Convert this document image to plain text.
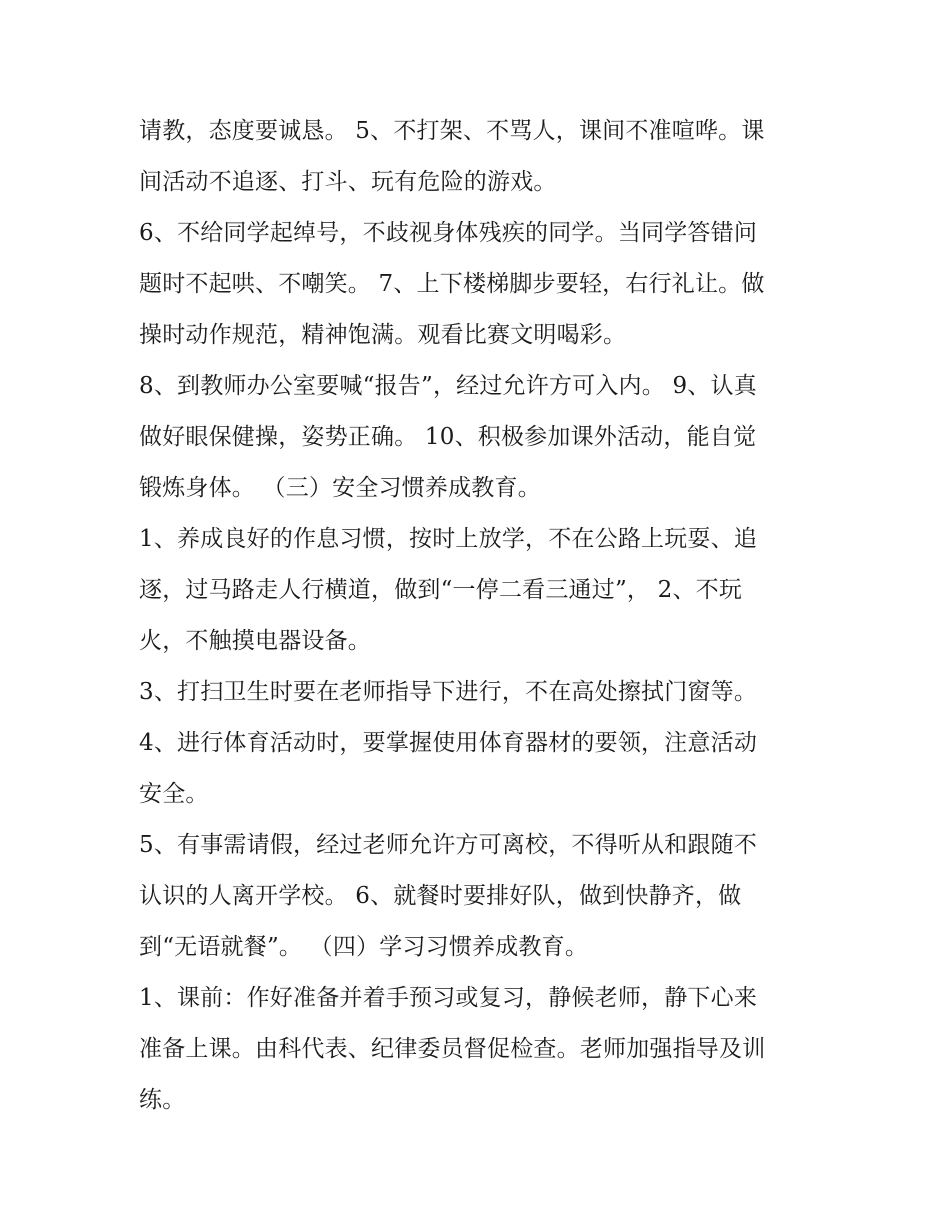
请教，态度要诚恳。 5、不打架、不骂人，课间不准喧哗。课
间活动不追逐、打斗、玩有危险的游戏。
6、不给同学起绰号，不歧视身体残疾的同学。当同学答错问
题时不起哄、不嘲笑。 7、上下楼梯脚步要轻，右行礼让。做
操时动作规范，精神饱满。观看比赛文明喝彩。
8、到教师办公室要喊“报告”，经过允许方可入内。 9、认真
做好眼保健操，姿势正确。 10、积极参加课外活动，能自觉
锻炼身体。 （三）安全习惯养成教育。
1、养成良好的作息习惯，按时上放学，不在公路上玩耍、追
逐，过马路走人行横道，做到“一停二看三通过”， 2、不玩
火，不触摸电器设备。
3、打扫卫生时要在老师指导下进行，不在高处擦拭门窗等。
4、进行体育活动时，要掌握使用体育器材的要领，注意活动
安全。
5、有事需请假，经过老师允许方可离校，不得听从和跟随不
认识的人离开学校。 6、就餐时要排好队，做到快静齐，做
到“无语就餐”。 （四）学习习惯养成教育。
1、课前：作好准备并着手预习或复习，静候老师，静下心来
准备上课。由科代表、纪律委员督促检查。老师加强指导及训
练。
